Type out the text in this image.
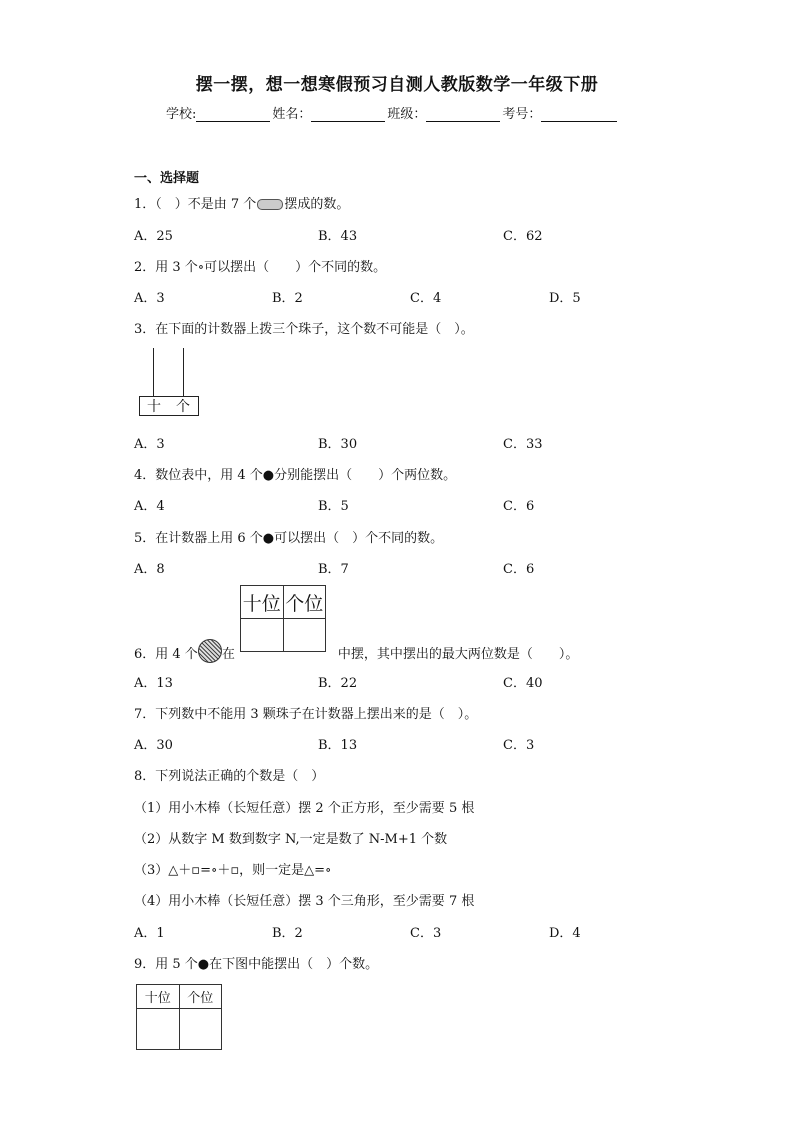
摆一摆，想一想寒假预习自测人教版数学一年级下册
学校:	姓名：	班级：	考号：
一、选择题
1．（　）不是由 7 个 摆成的数。
A．25	B．43	C．62
2．用 3 个∘可以摆出（　　）个不同的数。
A．3	B．2	C．4	D．5
3．在下面的计数器上拨三个珠子，这个数不可能是（　）。
十 个
A．3	B．30	C．33
4．数位表中，用 4 个●分别能摆出（　　）个两位数。
A．4	B．5	C．6
5．在计数器上用 6 个●可以摆出（　）个不同的数。
A．8	B．7	C．6
十位	个位

6．用 4 个 在	中摆，其中摆出的最大两位数是（　　）。
A．13	B．22	C．40
7．下列数中不能用 3 颗珠子在计数器上摆出来的是（　）。
A．30	B．13	C．3
8．下列说法正确的个数是（　）
（1）用小木棒（长短任意）摆 2 个正方形，至少需要 5 根
（2）从数字 M 数到数字 N,一定是数了 N-M+1 个数
（3）△＋▫=∘＋▫，则一定是△=∘
（4）用小木棒（长短任意）摆 3 个三角形，至少需要 7 根
A．1	B．2	C．3	D．4
9．用 5 个●在下图中能摆出（　）个数。
十位	个位
